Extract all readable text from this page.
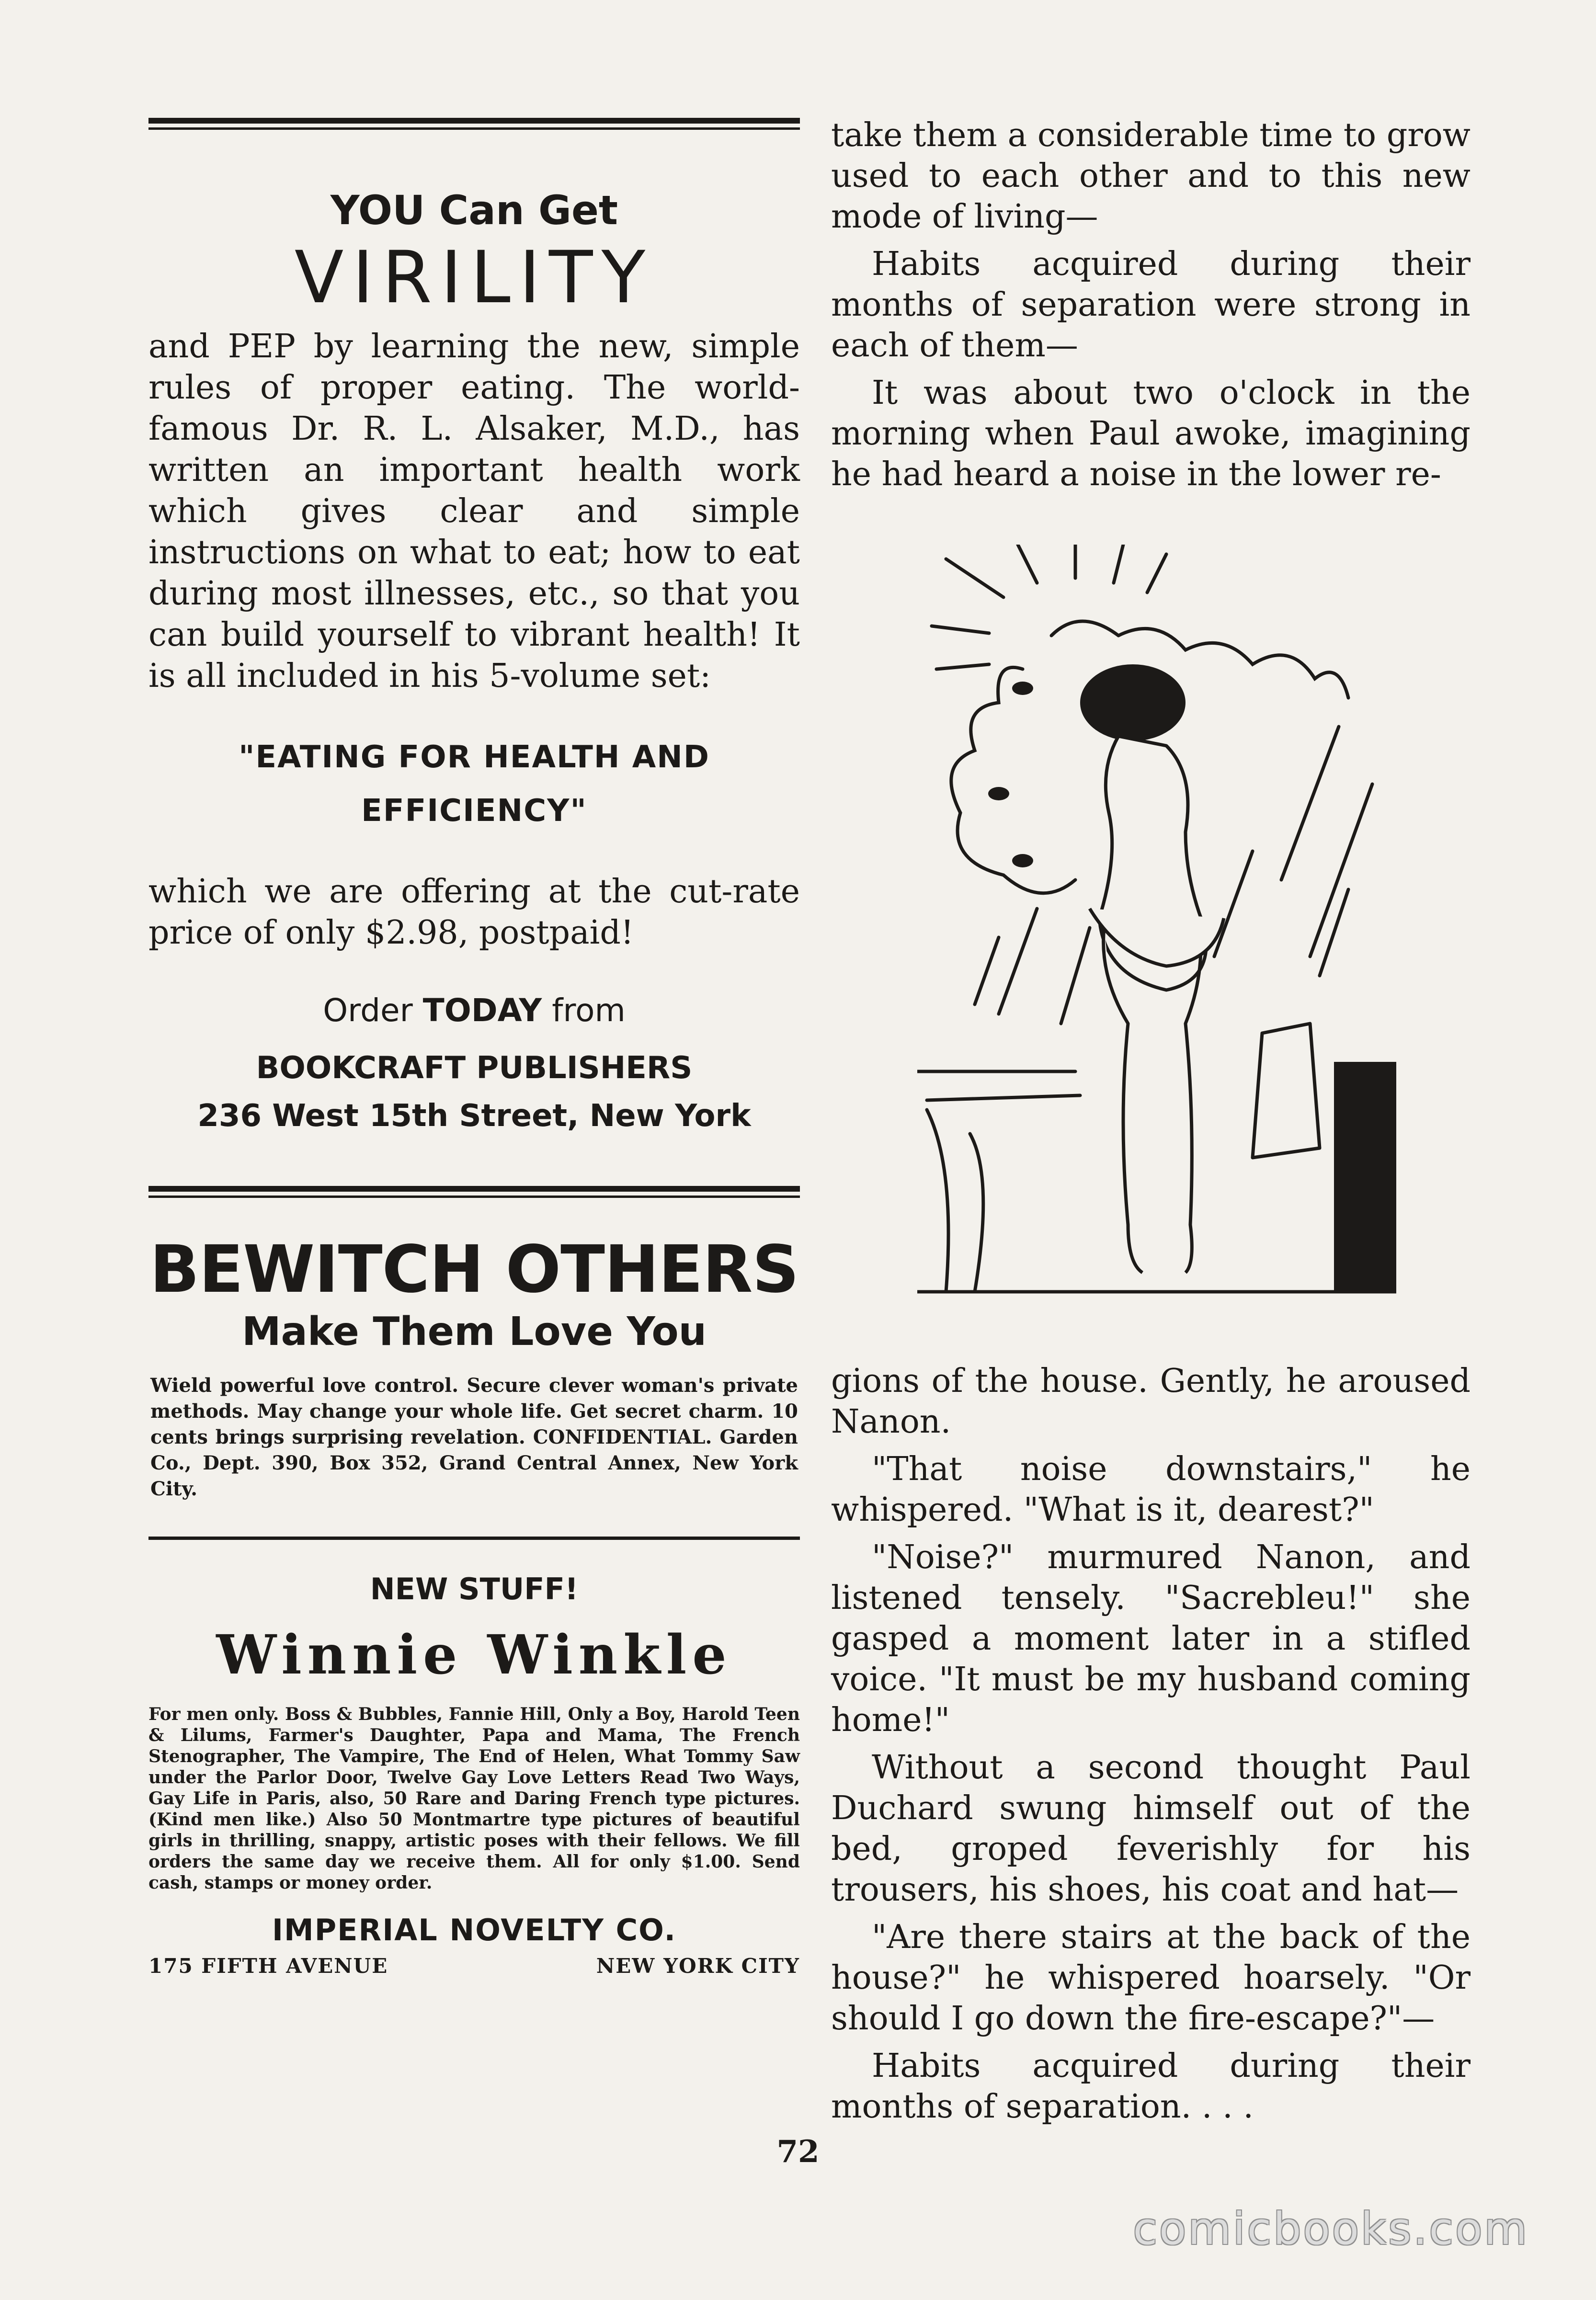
YOU Can Get
VIRILITY
and PEP by learning the new, simple rules of proper eating. The world-famous Dr. R. L. Alsaker, M.D., has written an important health work which gives clear and simple instructions on what to eat; how to eat during most illnesses, etc., so that you can build yourself to vibrant health! It is all included in his 5-volume set:
"EATING FOR HEALTH AND EFFICIENCY"
which we are offering at the cut-rate price of only $2.98, postpaid!
Order TODAY from
BOOKCRAFT PUBLISHERS
236 West 15th Street, New York
BEWITCH OTHERS
Make Them Love You
Wield powerful love control. Secure clever woman's private methods. May change your whole life. Get secret charm. 10 cents brings surprising revelation. CONFIDENTIAL. Garden Co., Dept. 390, Box 352, Grand Central Annex, New York City.
NEW STUFF!
Winnie Winkle
For men only. Boss & Bubbles, Fannie Hill, Only a Boy, Harold Teen & Lilums, Farmer's Daughter, Papa and Mama, The French Stenographer, The Vampire, The End of Helen, What Tommy Saw under the Parlor Door, Twelve Gay Love Letters Read Two Ways, Gay Life in Paris, also, 50 Rare and Daring French type pictures. (Kind men like.) Also 50 Montmartre type pictures of beautiful girls in thrilling, snappy, artistic poses with their fellows. We fill orders the same day we receive them. All for only $1.00. Send cash, stamps or money order.
IMPERIAL NOVELTY CO.
175 FIFTH AVENUE	NEW YORK CITY

take them a considerable time to grow used to each other and to this new mode of living—

Habits acquired during their months of separation were strong in each of them—

It was about two o'clock in the morning when Paul awoke, imagining he had heard a noise in the lower re-

gions of the house. Gently, he aroused Nanon.

"That noise downstairs," he whispered. "What is it, dearest?"

"Noise?" murmured Nanon, and listened tensely. "Sacrebleu!" she gasped a moment later in a stifled voice. "It must be my husband coming home!"

Without a second thought Paul Duchard swung himself out of the bed, groped feverishly for his trousers, his shoes, his coat and hat—

"Are there stairs at the back of the house?" he whispered hoarsely. "Or should I go down the fire-escape?"—

Habits acquired during their months of separation. . . .

72
comicbooks.com
